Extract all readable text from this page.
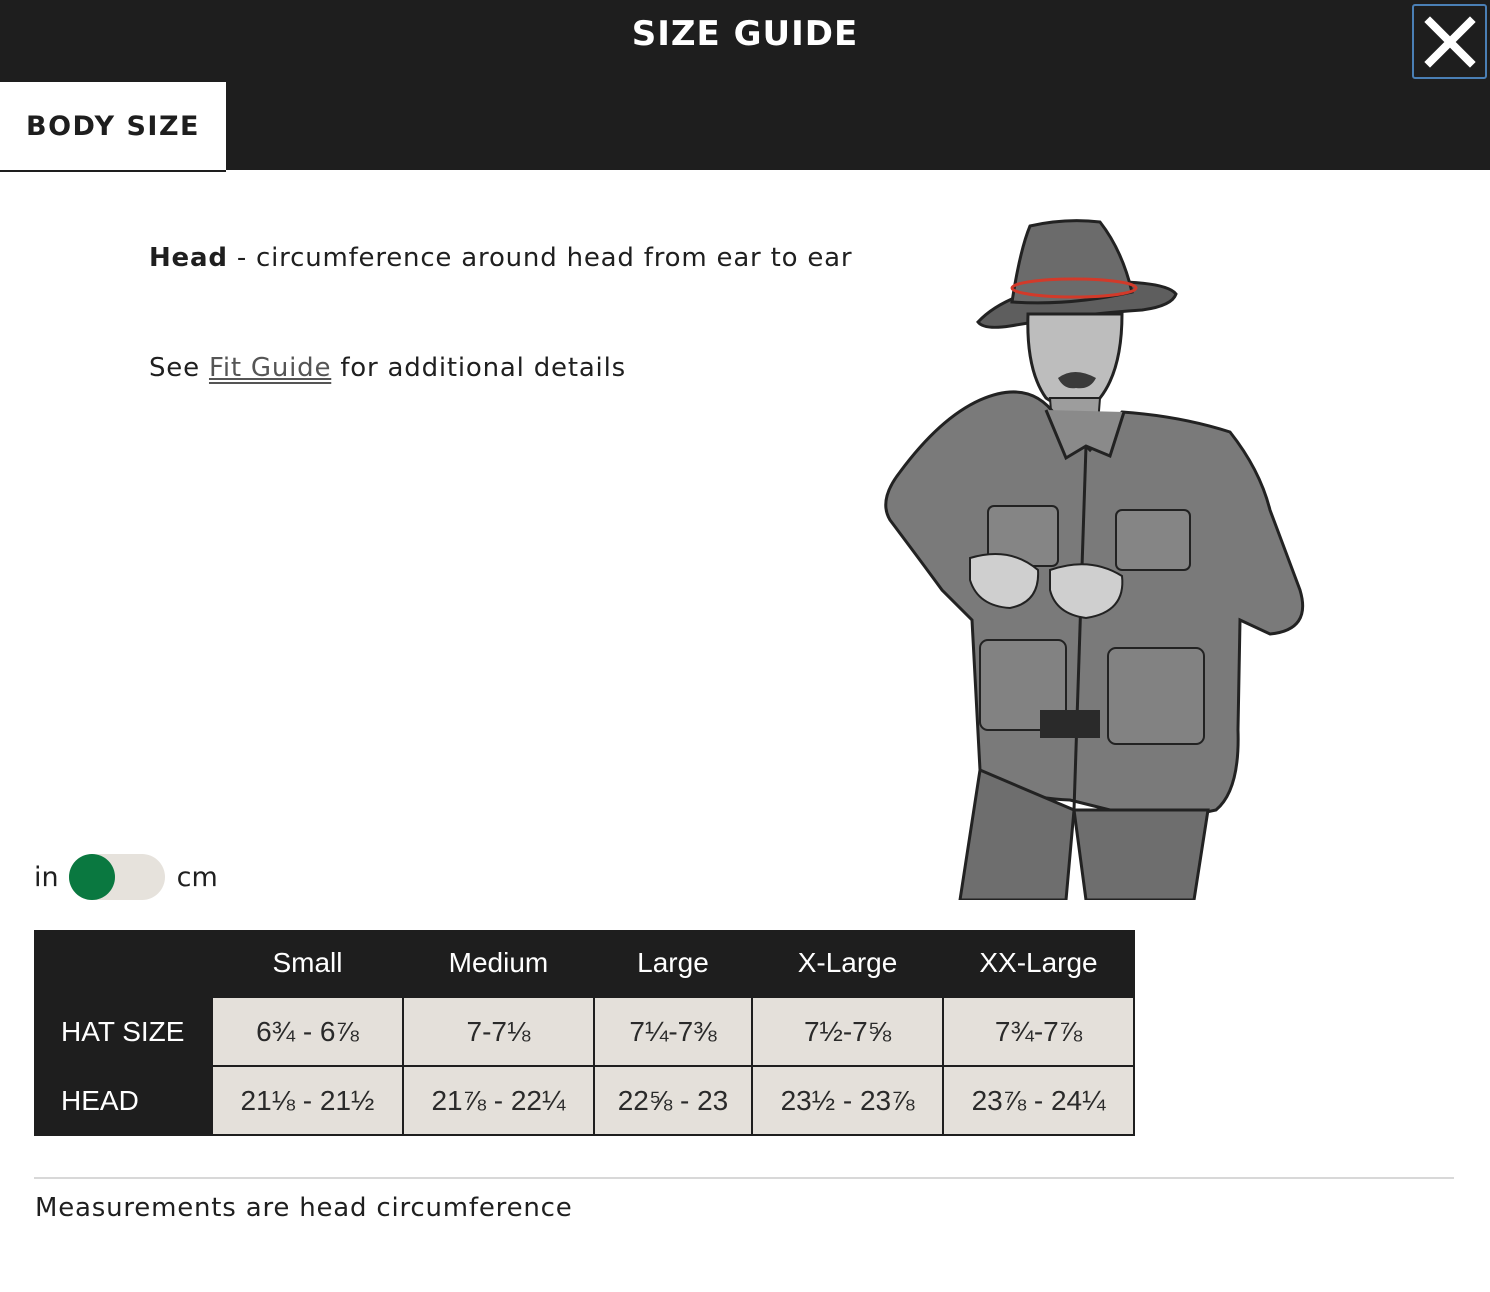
SIZE GUIDE
BODY SIZE
Head - circumference around head from ear to ear
See Fit Guide for additional details
in	cm
	Small	Medium	Large	X-Large	XX-Large
HAT SIZE	6¾ - 6⅞	7-7⅛	7¼-7⅜	7½-7⅝	7¾-7⅞
HEAD	21⅛ - 21½	21⅞ - 22¼	22⅝ - 23	23½ - 23⅞	23⅞ - 24¼
Measurements are head circumference
